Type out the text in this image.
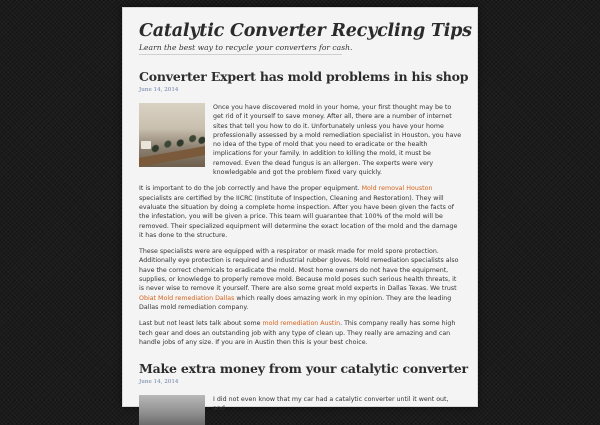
Catalytic Converter Recycling Tips
Learn the best way to recycle your converters for cash.
Converter Expert has mold problems in his shop
June 14, 2014

Once you have discovered mold in your home, your first thought may be to get rid of it yourself to save money. After all, there are a number of internet sites that tell you how to do it. Unfortunately unless you have your home professionally assessed by a mold remediation specialist in Houston, you have no idea of the type of mold that you need to eradicate or the health implications for your family. In addition to killing the mold, it must be removed. Even the dead fungus is an allergen. The experts were very knowledgable and got the problem fixed vary quickly.

It is important to do the job correctly and have the proper equipment. Mold removal Houston specialists are certified by the IICRC (Institute of Inspection, Cleaning and Restoration). They will evaluate the situation by doing a complete home inspection. After you have been given the facts of the infestation, you will be given a price. This team will guarantee that 100% of the mold will be removed. Their specialized equipment will determine the exact location of the mold and the damage it has done to the structure.

These specialists were are equipped with a respirator or mask made for mold spore protection. Additionally eye protection is required and industrial rubber gloves. Mold remediation specialists also have the correct chemicals to eradicate the mold. Most home owners do not have the equipment, supplies, or knowledge to properly remove mold. Because mold poses such serious health threats, it is never wise to remove it yourself. There are also some great mold experts in Dallas Texas. We trust Obiat Mold remediation Dallas which really does amazing work in my opinion. They are the leading Dallas mold remediation company.

Last but not least lets talk about some mold remediation Austin. This company really has some high tech gear and does an outstanding job with any type of clean up. They really are amazing and can handle jobs of any size. If you are in Austin then this is your best choice.

Make extra money from your catalytic converter
June 14, 2014

I did not even know that my car had a catalytic converter until it went out, and
